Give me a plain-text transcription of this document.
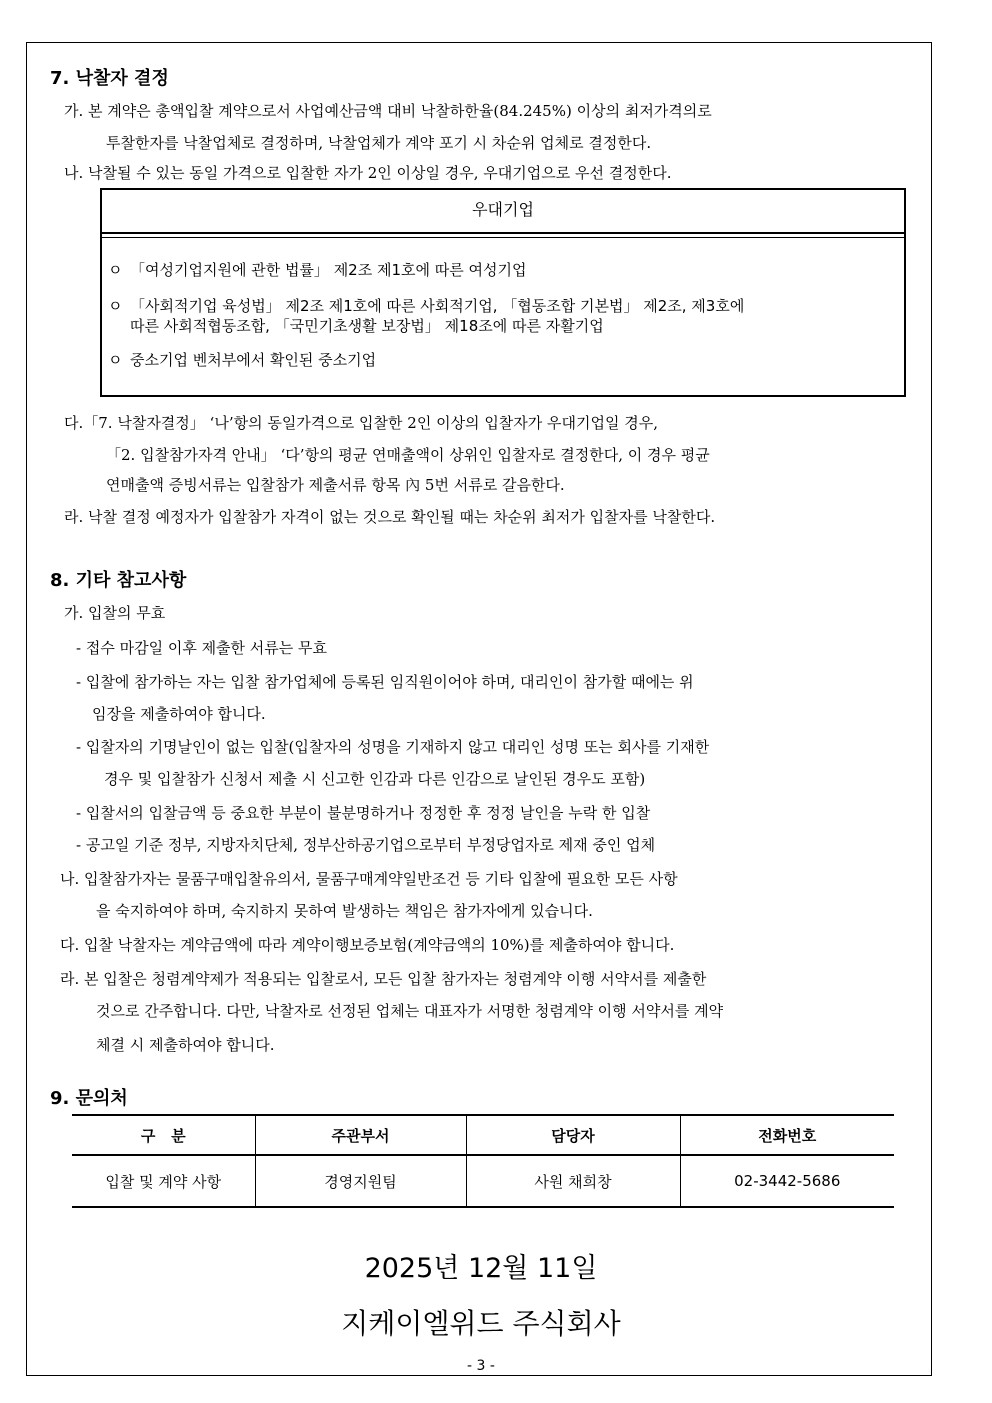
7. 낙찰자 결정
가. 본 계약은 총액입찰 계약으로서 사업예산금액 대비 낙찰하한율(84.245%) 이상의 최저가격의로
투찰한자를 낙찰업체로 결정하며, 낙찰업체가 계약 포기 시 차순위 업체로 결정한다.
나. 낙찰될 수 있는 동일 가격으로 입찰한 자가 2인 이상일 경우, 우대기업으로 우선 결정한다.
우대기업
ㅇ 「여성기업지원에 관한 법률」 제2조 제1호에 따른 여성기업
ㅇ 「사회적기업 육성법」 제2조 제1호에 따른 사회적기업, 「협동조합 기본법」 제2조, 제3호에
따른 사회적협동조합, 「국민기초생활 보장법」 제18조에 따른 자활기업
ㅇ 중소기업 벤처부에서 확인된 중소기업
다.「7. 낙찰자결정」 ‘나’항의 동일가격으로 입찰한 2인 이상의 입찰자가 우대기업일 경우,
「2. 입찰참가자격 안내」 ‘다’항의 평균 연매출액이 상위인 입찰자로 결정한다, 이 경우 평균
연매출액 증빙서류는 입찰참가 제출서류 항목 內 5번 서류로 갈음한다.
라. 낙찰 결정 예정자가 입찰참가 자격이 없는 것으로 확인될 때는 차순위 최저가 입찰자를 낙찰한다.
8. 기타 참고사항
가. 입찰의 무효
- 접수 마감일 이후 제출한 서류는 무효
- 입찰에 참가하는 자는 입찰 참가업체에 등록된 임직원이어야 하며, 대리인이 참가할 때에는 위
임장을 제출하여야 합니다.
- 입찰자의 기명날인이 없는 입찰(입찰자의 성명을 기재하지 않고 대리인 성명 또는 회사를 기재한
경우 및 입찰참가 신청서 제출 시 신고한 인감과 다른 인감으로 날인된 경우도 포함)
- 입찰서의 입찰금액 등 중요한 부분이 불분명하거나 정정한 후 정정 날인을 누락 한 입찰
- 공고일 기준 정부, 지방자치단체, 정부산하공기업으로부터 부정당업자로 제재 중인 업체
나. 입찰참가자는 물품구매입찰유의서, 물품구매계약일반조건 등 기타 입찰에 필요한 모든 사항
을 숙지하여야 하며, 숙지하지 못하여 발생하는 책임은 참가자에게 있습니다.
다. 입찰 낙찰자는 계약금액에 따라 계약이행보증보험(계약금액의 10%)를 제출하여야 합니다.
라. 본 입찰은 청렴계약제가 적용되는 입찰로서, 모든 입찰 참가자는 청렴계약 이행 서약서를 제출한
것으로 간주합니다. 다만, 낙찰자로 선정된 업체는 대표자가 서명한 청렴계약 이행 서약서를 계약
체결 시 제출하여야 합니다.
9. 문의처
구   분	주관부서	담당자	전화번호
입찰 및 계약 사항	경영지원팀	사원 채희창	02-3442-5686
2025년 12월 11일
지케이엘위드 주식회사
- 3 -
